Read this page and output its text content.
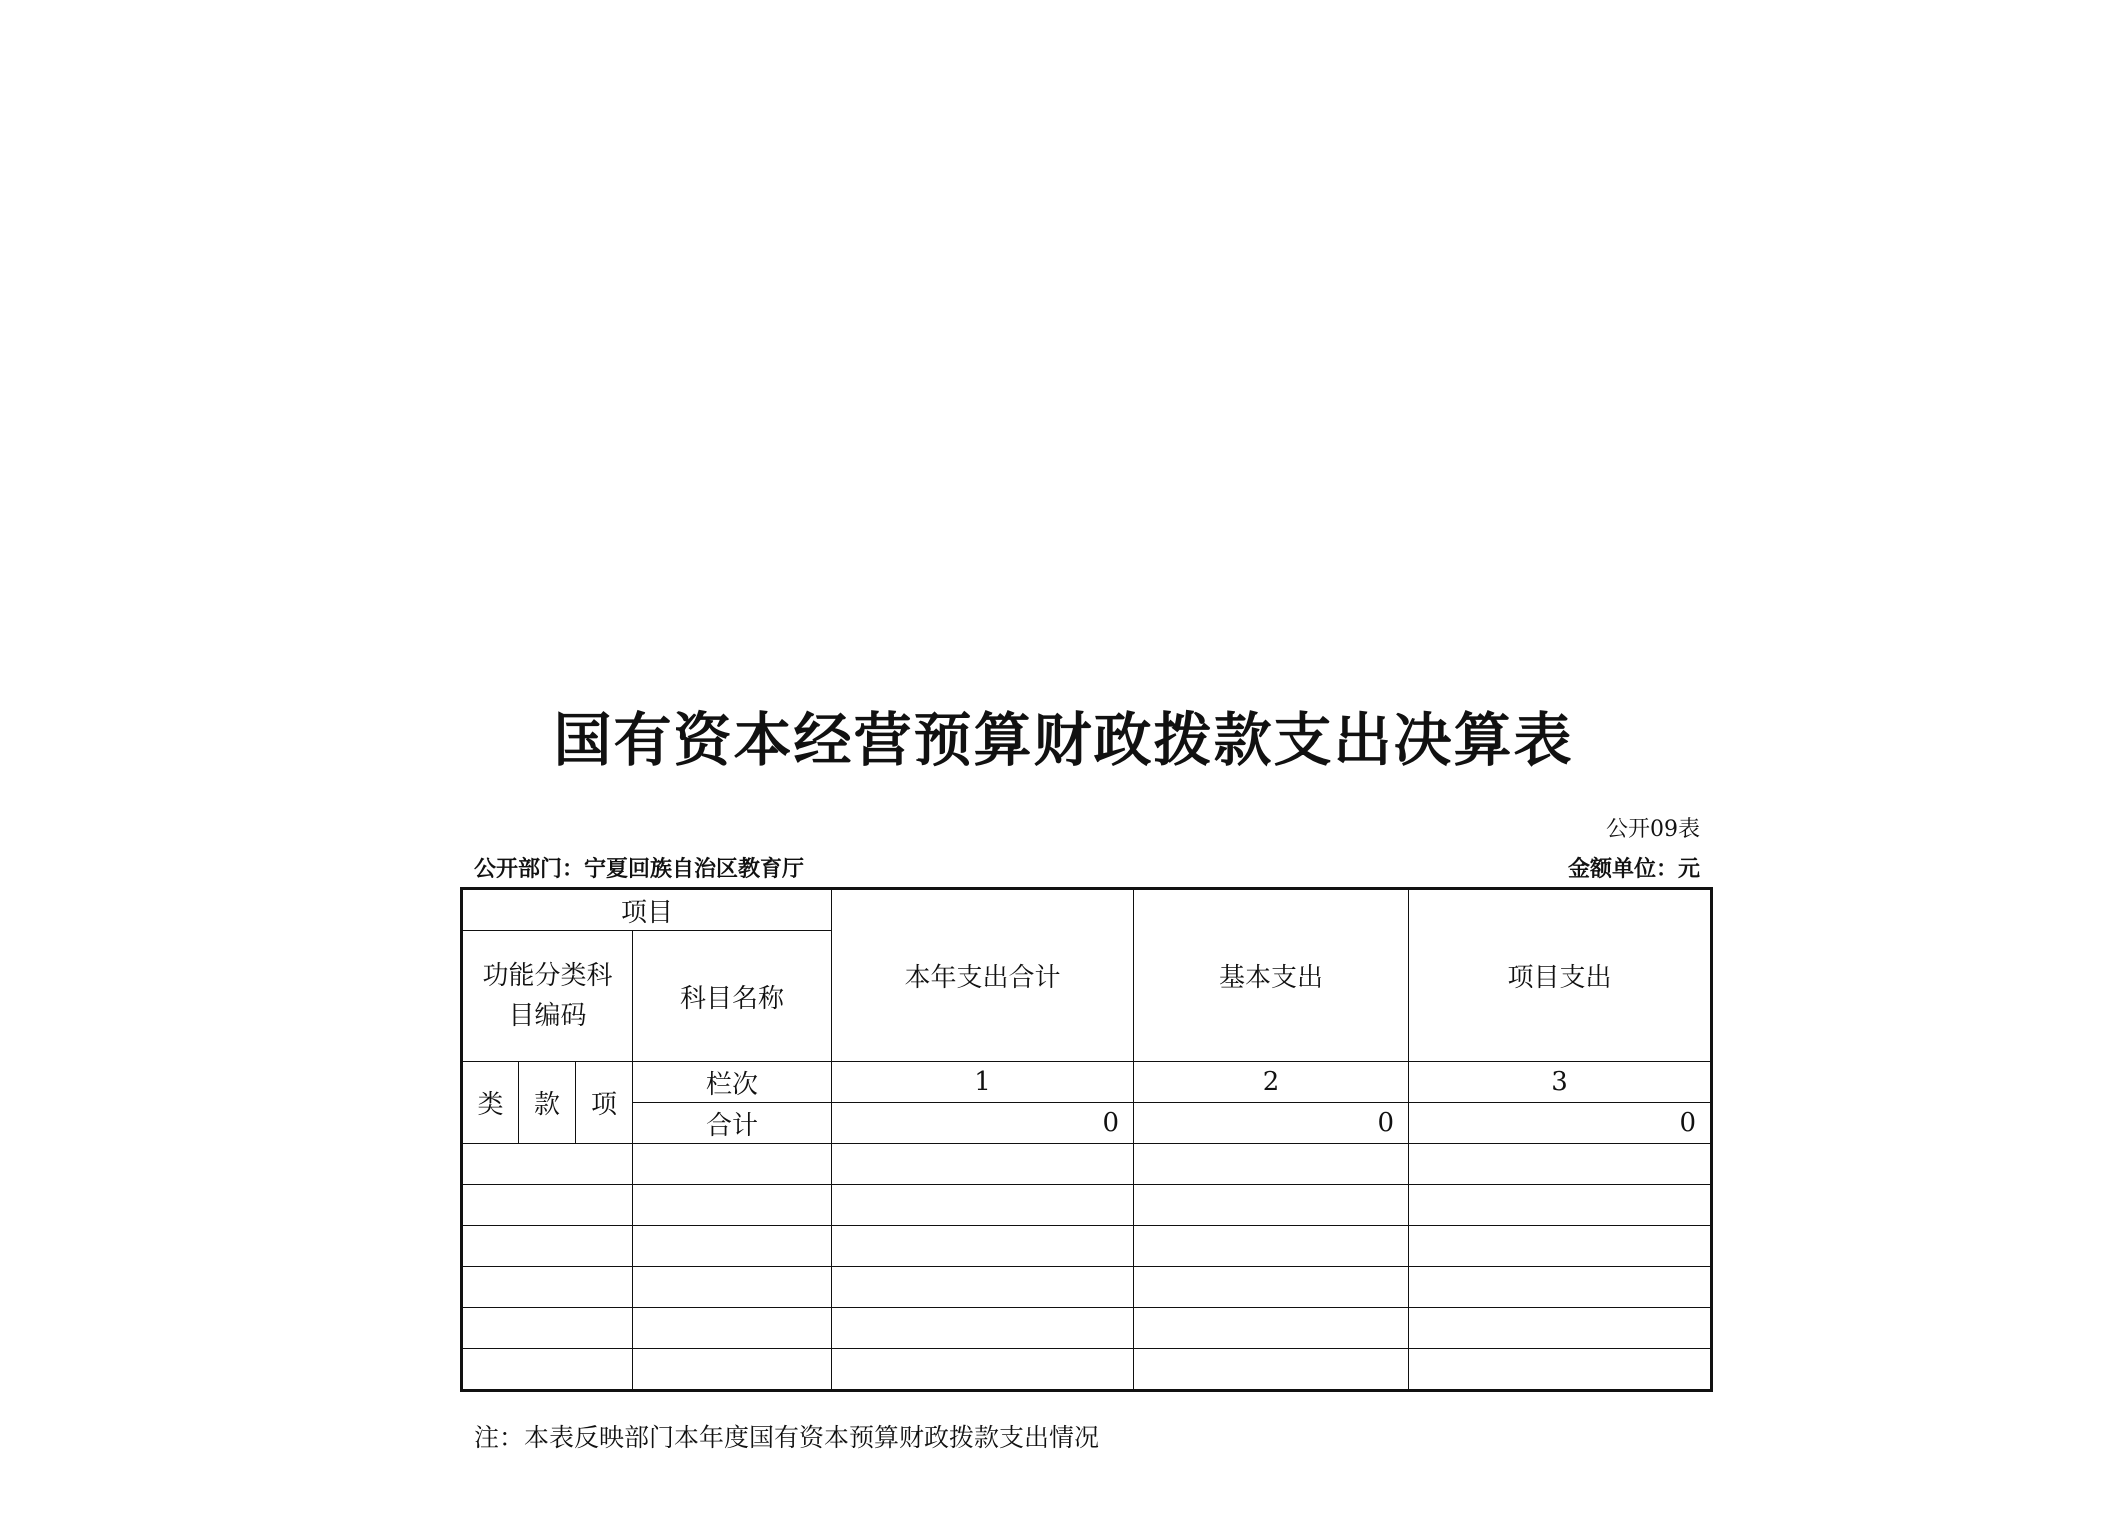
国有资本经营预算财政拨款支出决算表
公开09表
公开部门：宁夏回族自治区教育厅	金额单位：元
项目				本年支出合计	基本支出	项目支出
功能分类科目编码			科目名称			
类	款	项	栏次	1	2	3
			合计	0	0	0

注：本表反映部门本年度国有资本预算财政拨款支出情况
